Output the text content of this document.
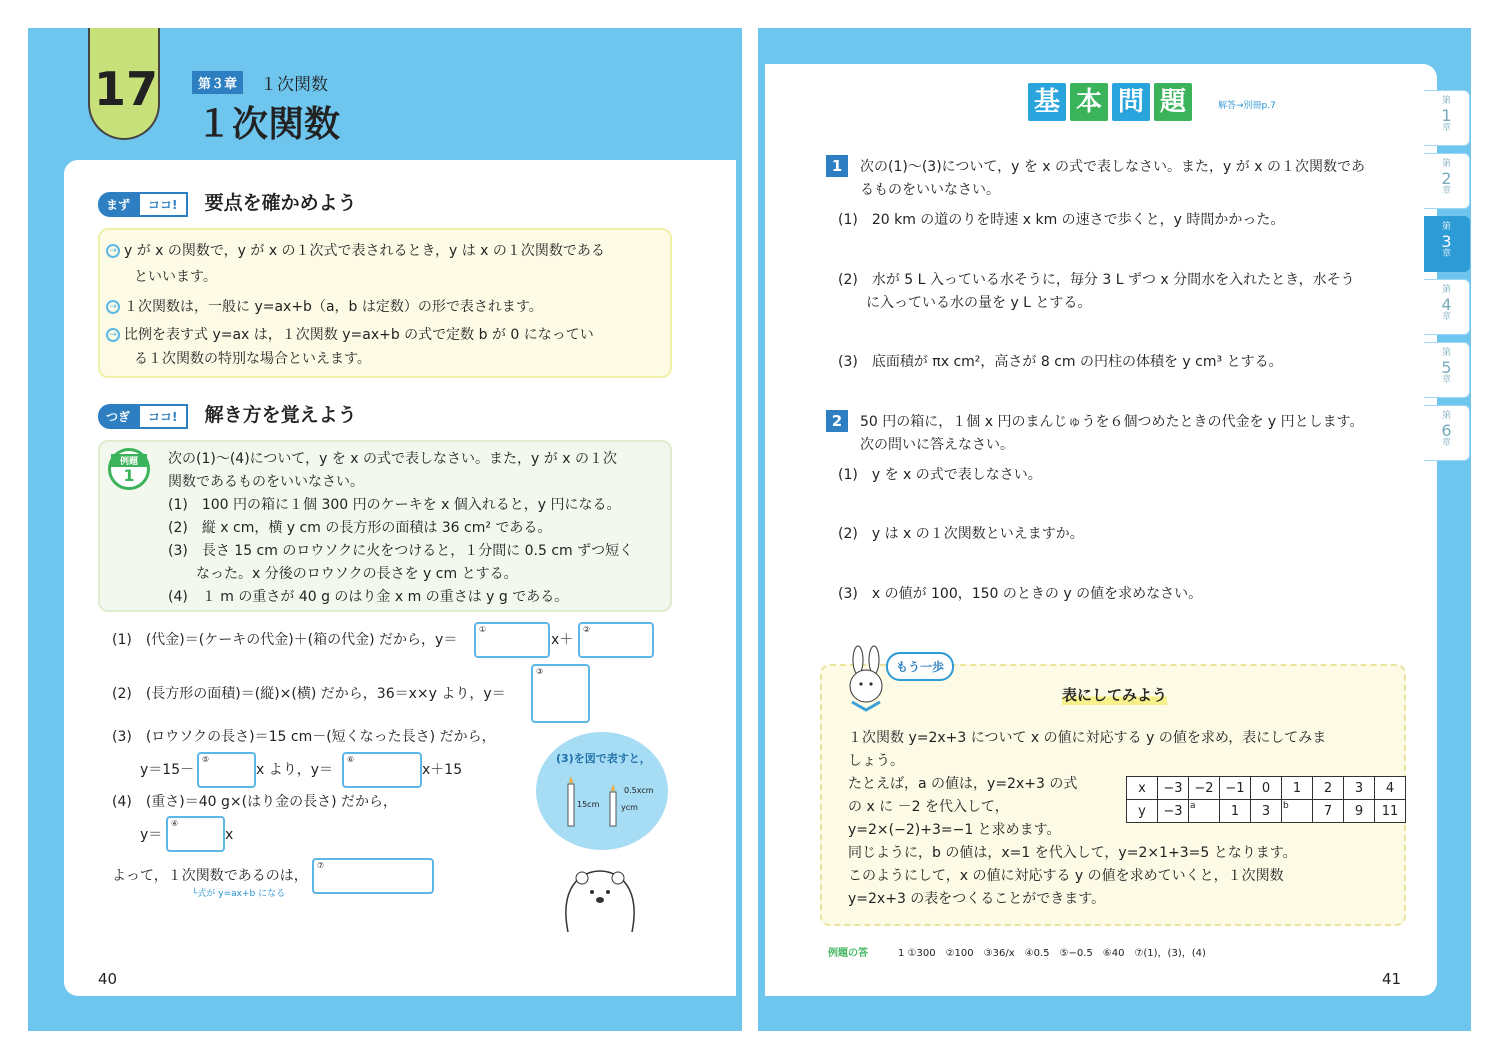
17	第３章	１次関数
１次関数
まず ココ! 要点を確かめよう
→ y が x の関数で，y が x の１次式で表されるとき，y は x の１次関数である
といいます。
→ １次関数は，一般に y=ax+b（a，b は定数）の形で表されます。
→ 比例を表す式 y=ax は，１次関数 y=ax+b の式で定数 b が 0 になってい
る１次関数の特別な場合といえます。
つぎ ココ! 解き方を覚えよう
例題
1
次の(1)〜(4)について，y を x の式で表しなさい。また，y が x の１次
関数であるものをいいなさい。
(1)　100 円の箱に１個 300 円のケーキを x 個入れると，y 円になる。
(2)　縦 x cm，横 y cm の長方形の面積は 36 cm² である。
(3)　長さ 15 cm のロウソクに火をつけると，１分間に 0.5 cm ずつ短く
　　なった。x 分後のロウソクの長さを y cm とする。
(4)　１ m の重さが 40 g のはり金 x m の重さは y g である。
(1)　(代金)＝(ケーキの代金)＋(箱の代金) だから，y＝
①
x＋
②
(2)　(長方形の面積)＝(縦)×(横) だから，36＝x×y より，y＝
③
(3)　(ロウソクの長さ)＝15 cm－(短くなった長さ) だから，
y＝15－
⑤
x より，y＝
⑥
x＋15
(4)　(重さ)＝40 g×(はり金の長さ) だから，
y＝
④
x
よって，１次関数であるのは，
⑦
└式が y=ax+b になる
(3)を図で表すと，
15cm
0.5xcm
ycm
40
基 本 問 題	解答→別冊p.7
1	次の(1)〜(3)について，y を x の式で表しなさい。また，y が x の１次関数であ
るものをいいなさい。
(1)　20 km の道のりを時速 x km の速さで歩くと，y 時間かかった。
(2)　水が 5 L 入っている水そうに，毎分 3 L ずつ x 分間水を入れたとき，水そう
　　に入っている水の量を y L とする。
(3)　底面積が πx cm²，高さが 8 cm の円柱の体積を y cm³ とする。
2	50 円の箱に，１個 x 円のまんじゅうを６個つめたときの代金を y 円とします。
次の問いに答えなさい。
(1)　y を x の式で表しなさい。
(2)　y は x の１次関数といえますか。
(3)　x の値が 100，150 のときの y の値を求めなさい。
もう一歩
表にしてみよう
１次関数 y=2x+3 について x の値に対応する y の値を求め，表にしてみま
しょう。
たとえば，a の値は，y=2x+3 の式
の x に －2 を代入して，
y=2×(−2)+3=−1 と求めます。
同じように，b の値は，x=1 を代入して，y=2×1+3=5 となります。
このようにして，x の値に対応する y の値を求めていくと，１次関数
y=2x+3 の表をつくることができます。
x	−3	−2	−1	0	1	2	3	4
y	−3	a	1	3	b	7	9	11
例題の答	1 ①300　②100　③36/x　④0.5　⑤−0.5　⑥40　⑦(1)，(3)，(4)
41
第
1
章
第
2
章
第
3
章
第
4
章
第
5
章
第
6
章
